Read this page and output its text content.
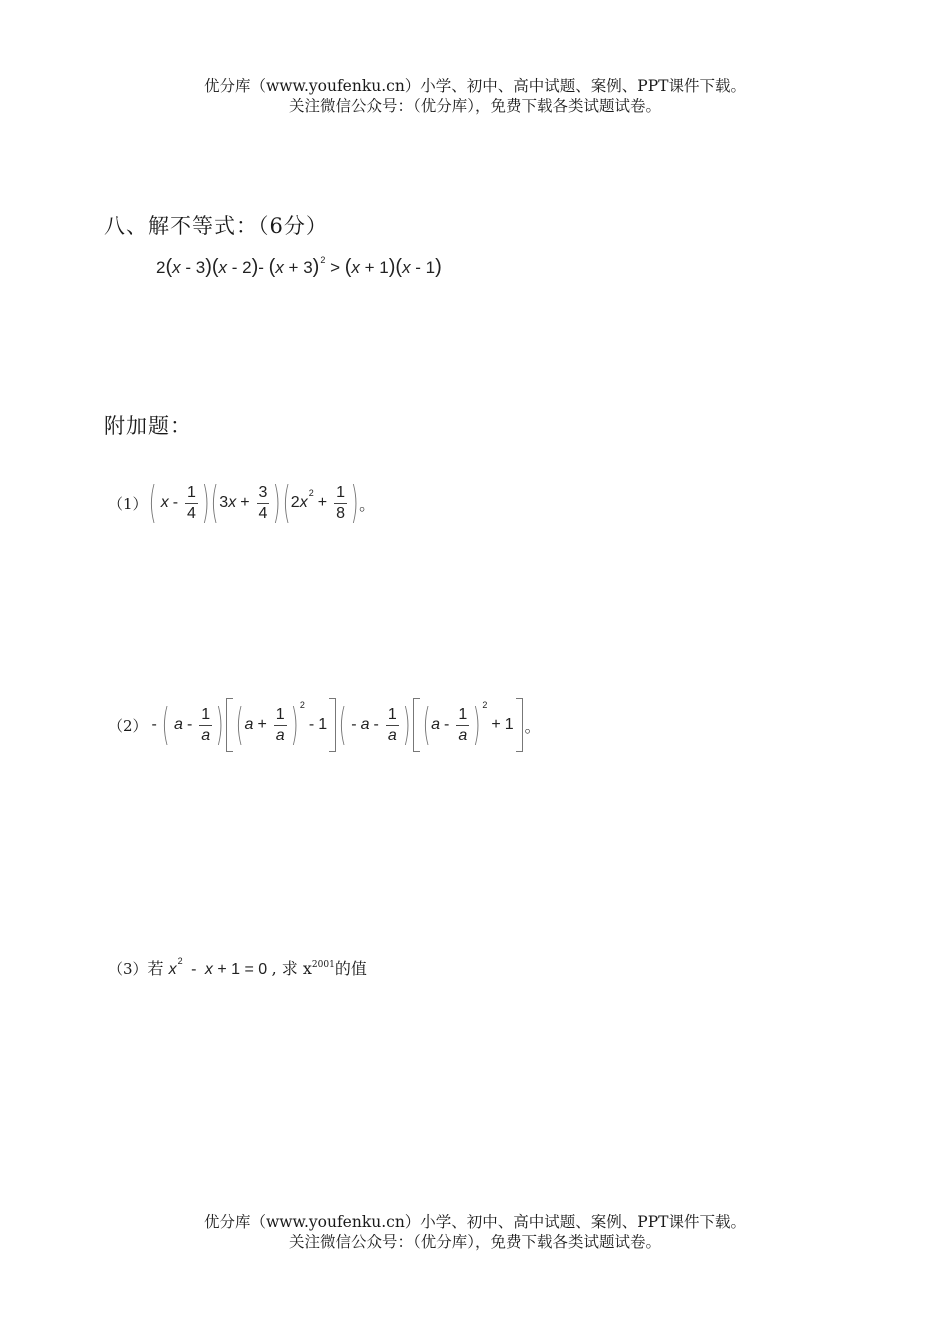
优分库（www.youfenku.cn）小学、初中、高中试题、案例、PPT课件下载。
关注微信公众号：（优分库），免费下载各类试题试卷。
八、解不等式：（6分）
2(x - 3)(x - 2)- $(x + 3)^2 > (x + 1)(x - 1)$
附加题：
（1） ( x - $\frac{1}{4}$ ) ( 3 $x + \frac{3}{4}$ ) ( 2 x
2
+ $\frac{1}{8}$ ) 。
（2） - ( a - $\frac{1}{a}$ ) ( $a + \frac{1}{a}$ ) 2
- 1 ( - a - $\frac{1}{a}$ ) ( a - $\frac{1}{a}$ ) 2
+ 1 。
（3）若 $x^2 - x + 1 = 0$ , 求 $x^{2001}$的值
优分库（www.youfenku.cn）小学、初中、高中试题、案例、PPT课件下载。
关注微信公众号：（优分库），免费下载各类试题试卷。
